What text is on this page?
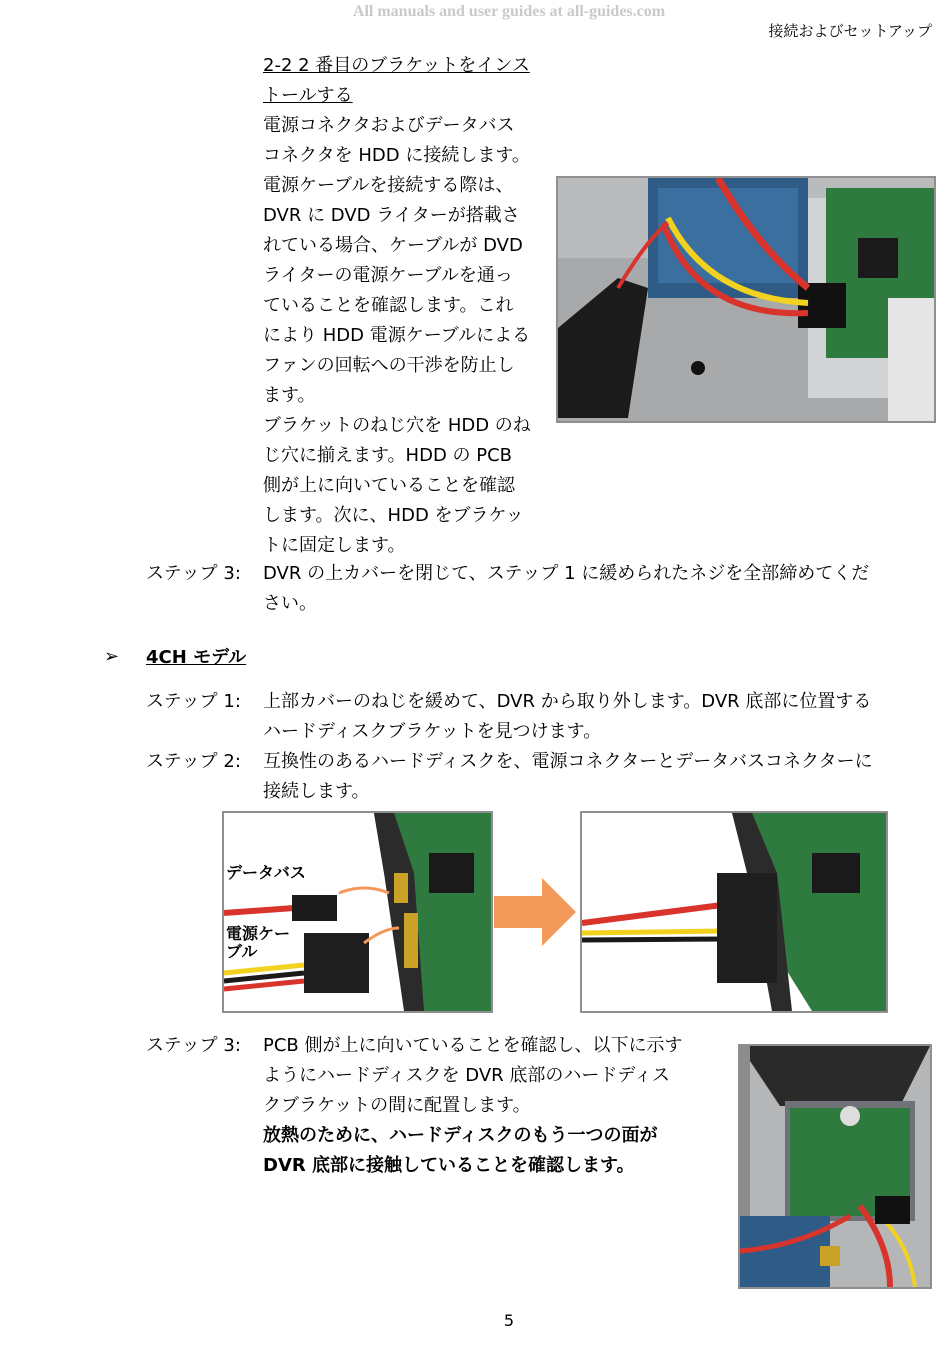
All manuals and user guides at all-guides.com
接続およびセットアップ
2-2 2 番目のブラケットをインス
トールする
電源コネクタおよびデータバス
コネクタを HDD に接続します。
電源ケーブルを接続する際は、
DVR に DVD ライターが搭載さ
れている場合、ケーブルが DVD
ライターの電源ケーブルを通っ
ていることを確認します。これ
により HDD 電源ケーブルによる
ファンの回転への干渉を防止し
ます。
ブラケットのねじ穴を HDD のね
じ穴に揃えます。HDD の PCB
側が上に向いていることを確認
します。次に、HDD をブラケッ
トに固定します。
ステップ 3: DVR の上カバーを閉じて、ステップ 1 に緩められたネジを全部締めてくだ
さい。
➢ 4CH モデル
ステップ 1: 上部カバーのねじを緩めて、DVR から取り外します。DVR 底部に位置する
ハードディスクブラケットを見つけます。
ステップ 2: 互換性のあるハードディスクを、電源コネクターとデータバスコネクターに
接続します。
データバス
電源ケー
ブル
ステップ 3: PCB 側が上に向いていることを確認し、以下に示す
ようにハードディスクを DVR 底部のハードディス
クブラケットの間に配置します。
放熱のために、ハードディスクのもう一つの面が
DVR 底部に接触していることを確認します。
5
